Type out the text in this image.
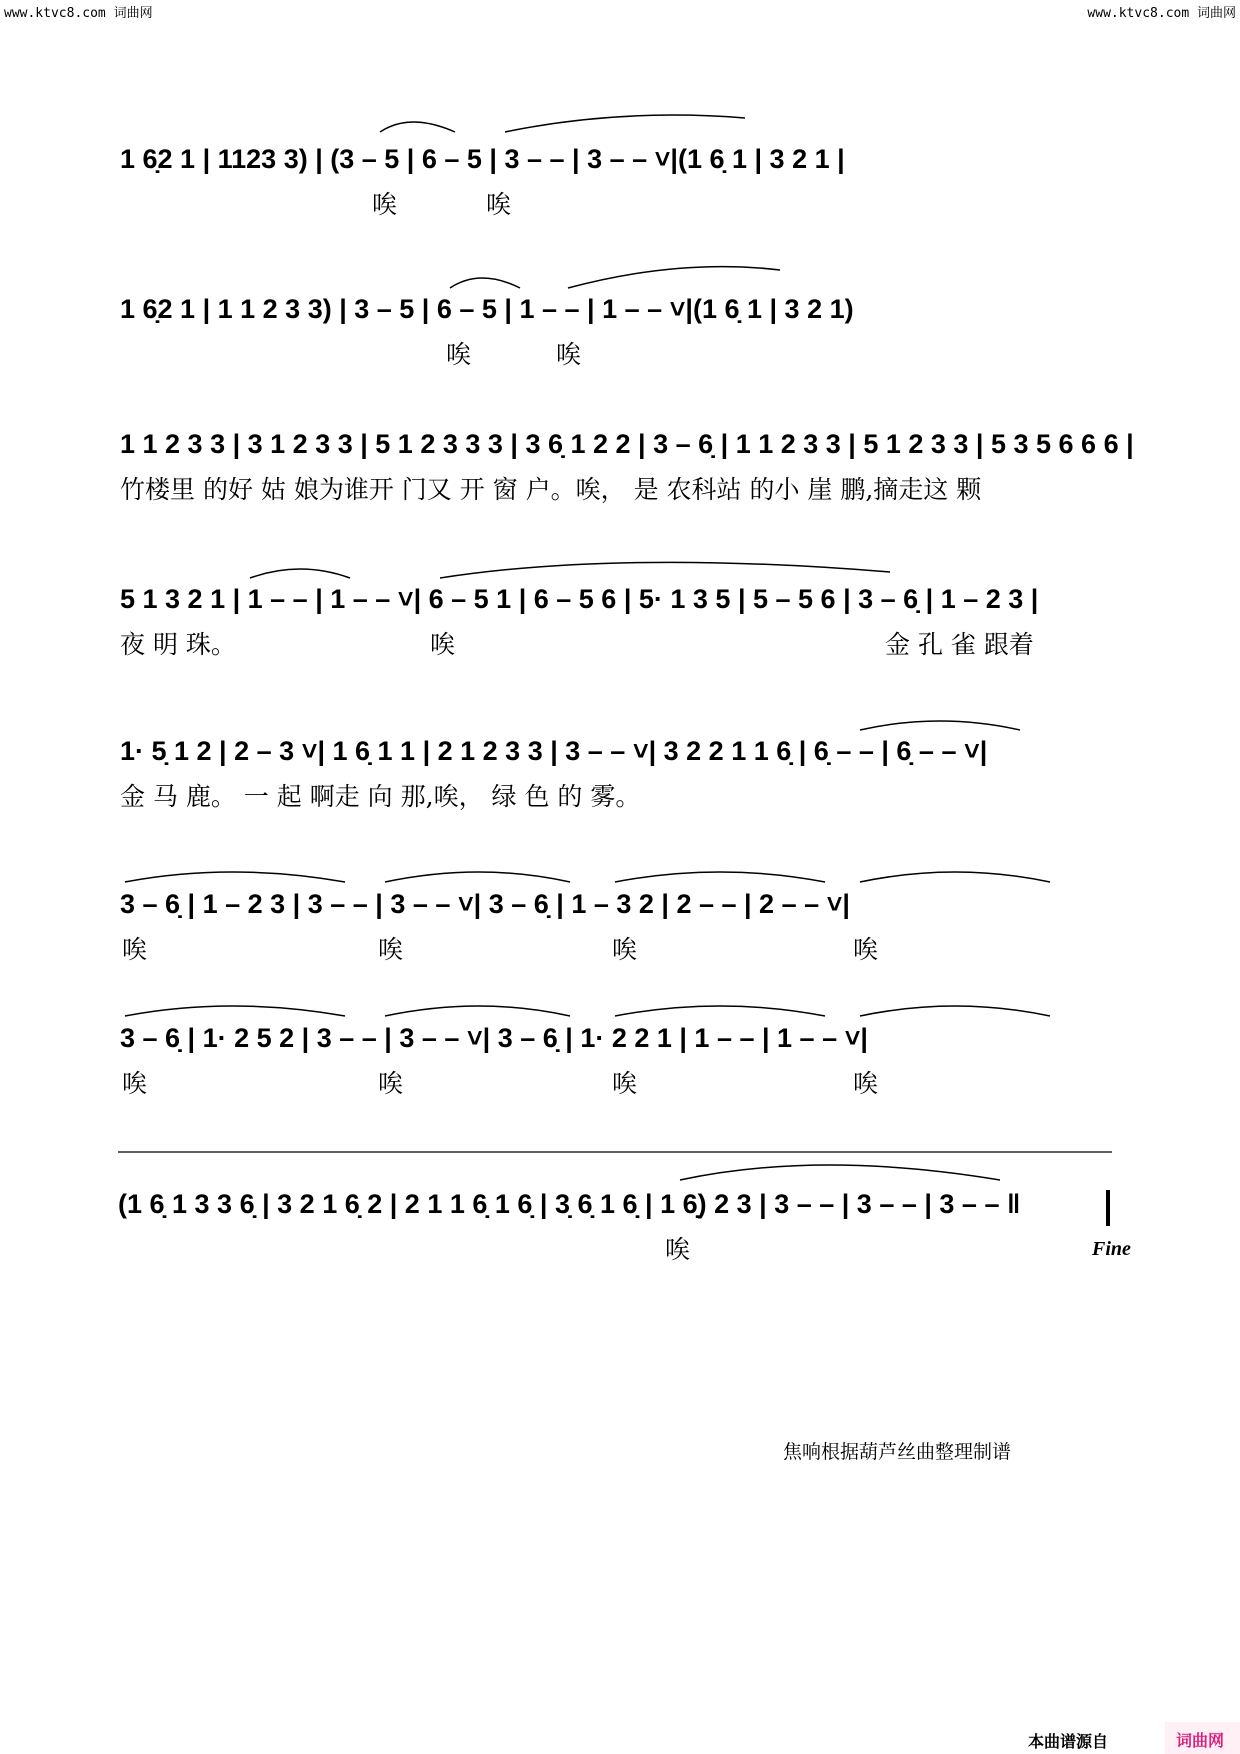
www.ktvc8.com 词曲网	www.ktvc8.com 词曲网
1 6̣2 1 | 1123 3) | (3 – 5 | 6 – 5 | 3 – – | 3 – – ˅|(1 6̣ 1 | 3 2 1 |
唉	唉
1 6̣2 1 | 1 1 2 3 3) | 3 – 5 | 6 – 5 | 1 – – | 1 – – ˅|(1 6̣ 1 | 3 2 1)
唉	唉
1 1 2 3 3 | 3 1 2 3 3 | 5 1 2 3 3 3 | 3 6̣ 1 2 2 | 3 – 6̣ | 1 1 2 3 3 | 5 1 2 3 3 | 5 3 5 6 6 6 |
竹楼里 的好 姑 娘为谁开 门又 开 窗 户。唉， 是 农科站 的小 崖 鹏,摘走这 颗
5 1 3 2 1 | 1 – – | 1 – – ˅| 6 – 5 1 | 6 – 5 6 | 5· 1 3 5 | 5 – 5 6 | 3 – 6̣ | 1 – 2 3 |
夜 明 珠。	唉	金 孔 雀 跟着
1· 5̣ 1 2 | 2 – 3 ˅| 1 6̣ 1 1 | 2 1 2 3 3 | 3 – – ˅| 3 2 2 1 1 6̣ | 6̣ – – | 6̣ – – ˅|
金 马 鹿。 一 起 啊走 向 那,唉， 绿 色 的 雾。
3 – 6̣ | 1 – 2 3 | 3 – – | 3 – – ˅| 3 – 6̣ | 1 – 3 2 | 2 – – | 2 – – ˅|
唉	唉	唉	唉
3 – 6̣ | 1· 2 5 2 | 3 – – | 3 – – ˅| 3 – 6̣ | 1· 2 2 1 | 1 – – | 1 – – ˅|
唉	唉	唉	唉
(1 6̣ 1 3 3 6̣ | 3 2 1 6̣ 2 | 2 1 1 6̣ 1 6̣ | 3̣ 6̣ 1 6̣ | 1 6̣) 2 3 | 3 – – | 3 – – | 3 – – ‖
唉	Fine
焦响根据葫芦丝曲整理制谱
本曲谱源自	词曲网
